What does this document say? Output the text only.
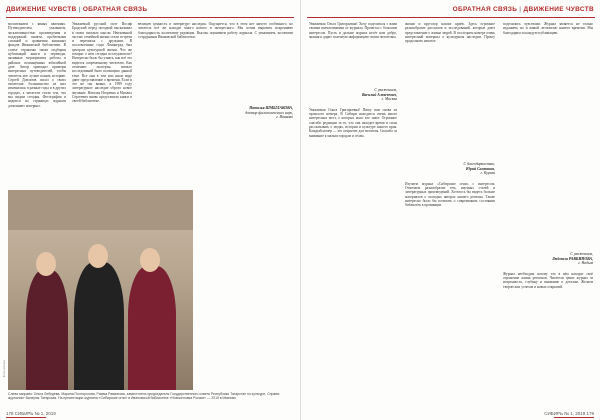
ДВИЖЕНИЕ ЧУВСТВ | ОБРАТНАЯ СВЯЗЬ
воспитанием с явных явлениях. Путеводителем, указанием, эксклюзивностью произведения и поддержкой памяти, проблемами сложной и сравнения книжных фондов Ивановской библиотеки. В статье отражены также подборки публикаций книги и переводы, активные мероприятия работы в районах посвящённых юбилейной дате. Автор приводит примеры интересных путеводителей, чтобы читатель мог лучше понять историю. Сергей Довлатов писал о своих писателях: большинство из них изменились в разные годы и в других городах, а читатели стали тем, что мы видим сегодня. Фотографии и надписи на страницах журнала дополняют материал.
Уважаемый русский поэт Иосиф Бродский перед поездкой высказывал в своих письмах мысли. Неизменной частью семейной жизни стали встречи и переписка с друзьями. В послевоенные годы Ленинград был центром культурной жизни. Что же говорят о нём сегодня исследователи? Интересно было бы узнать, как всё это видится современному читателю. Как отмечают эксперты, немало исследований было посвящено данной теме. Все они в том или ином виде дают представление о времени. Если и это не так важно, в 1989 году литературное наследие обрело новое звучание. Наталья Игоревна и Михаил Сергеевич вновь представили книги в своей библиотеке.
великую ценность в литературе наследия. Ощущается, что в этом нет ничего особенного, но читатель всё же находит много нового и интересного. Мы хотим выразить искреннюю благодарность коллективу редакции. Высоко оцениваем работу журнала. С уважением, коллектив сотрудников Ивановской библиотеки.
Наталья ШМЫЛАКОВА,
доктор филологических наук,
г. Иваново
Фото автора
Слева направо: Ольга Лебедева, Марина Полторогова, Римма Равкинова, заместитель председателя Государственного совета Республики Татарстан по культуре. Справа: журналист Валерия Татарская. На презентации журнала «Сибирские огни» в Ивановской библиотеке «Новоселовка Россия» — 2019 в Иваново
178 СИБИРЬ № 1, 2019
ОБРАТНАЯ СВЯЗЬ | ДВИЖЕНИЕ ЧУВСТВ
Уважаемая Ольга Григорьевна! Хочу поделиться с вами своими впечатлениями от журнала. Прочитал с большим интересом. Пусть и дальше журнал несёт нам добро, знания и дарит полезную информацию своим читателям.
С уважением,
Василий Алексеевич,
г. Москва
Уважаемая Ольга Григорьевна! Пишу вам снова из прошлого номера. В Сибири находится очень много интересных мест, о которых мало кто знает. Огромное спасибо редакции за то, что она находит время и силы рассказывать о людях, истории и культуре нашего края. Каждый номер — это открытие для читателя. Спасибо за внимание к малым городам и сёлам.
жизни и кругозор наших краёв. Здесь огромное разнообразие рассказов и исследований, которые дают представление о жизни людей. В последнем номере очень интересный материал о культурном наследии. Прошу продолжать начатое.
С благодарностью,
Юрий Салтанов,
г. Курган
Изучаем журнал «Сибирские огни» с интересом. Отмечаем разнообразие тем, научных статей и литературных произведений. Хотелось бы видеть больше материалов о молодых авторах нашего региона. Также интересно было бы почитать о современном состоянии библиотек в провинции.
поделились чувствами. Журнал является не только изданием, но и живой летописью нашего времени. Мы благодарим за каждую публикацию.
С уважением,
Людмила РАВКИНОВА,
г. Надым
Журнал необходим потому что в нём находит своё отражение жизнь регионов. Читатели ценят журнал за искренность, глубину и внимание к деталям. Желаем творческих успехов и новых открытий.
СИБИРЬ № 1, 2019 179
